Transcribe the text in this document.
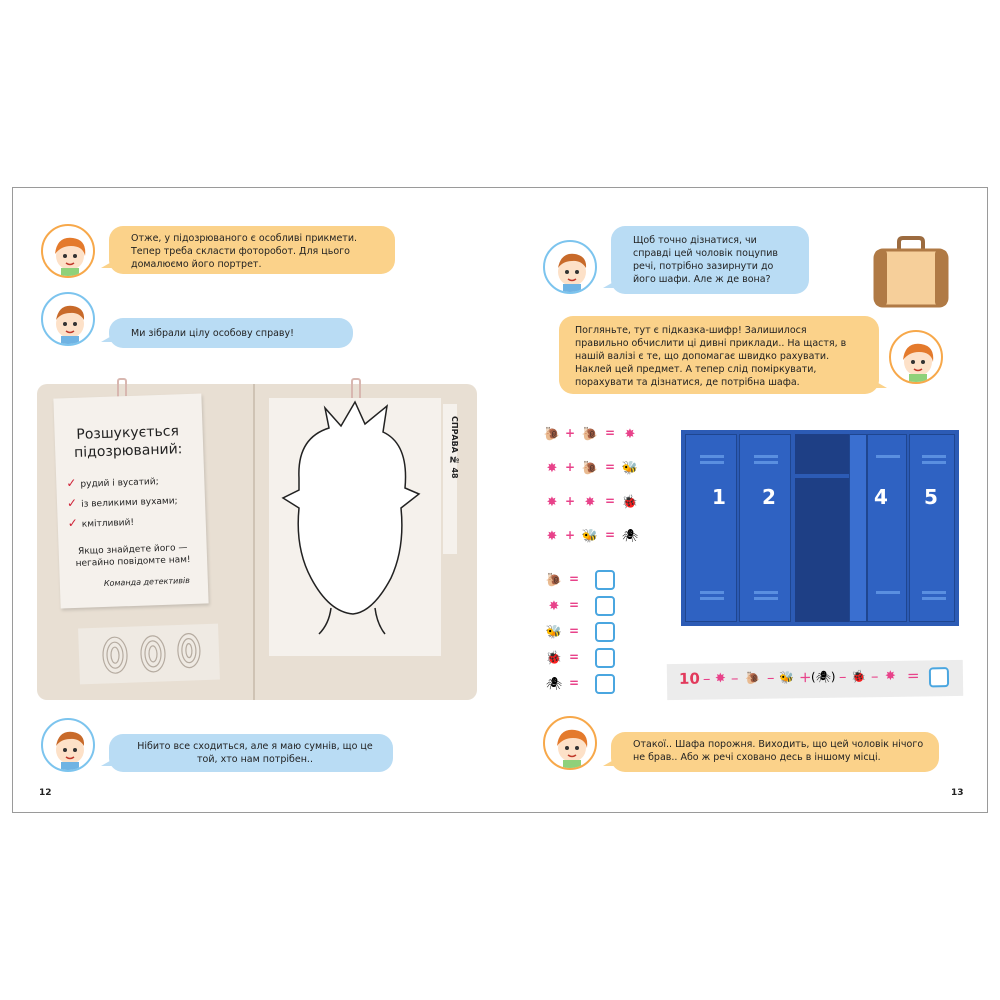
Отже, у підозрюваного є особливі прикмети. Тепер треба скласти фоторобот. Для цього домалюємо його портрет.
Ми зібрали цілу особову справу!
Розшукується підозрюваний:
✓ рудий і вусатий;
✓ із великими вухами;
✓ кмітливий!
Якщо знайдете його — негайно повідомте нам!
Команда детективів
СПРАВА № 48
Нібито все сходиться, але я маю сумнів, що це той, хто нам потрібен..
12
Щоб точно дізнатися, чи справді цей чоловік поцупив речі, потрібно зазирнути до його шафи. Але ж де вона?
Погляньте, тут є підказка-шифр! Залишилося правильно обчислити ці дивні приклади.. На щастя, в нашій валізі є те, що допомагає швидко рахувати. Наклей цей предмет. А тепер слід поміркувати, порахувати та дізнатися, де потрібна шафа.
🐌 + 🐌 = ✸
✸ + 🐌 = 🐝
✸ + ✸ = 🐞
✸ + 🐝 = 🕷
🐌 =
✸ =
🐝 =
🐞 =
🕷 =
1 2	4 5
10 – ✸ – 🐌 – 🐝 + (🕷) – 🐞 – ✸ =
Отакої.. Шафа порожня. Виходить, що цей чоловік нічого не брав.. Або ж речі сховано десь в іншому місці.
13
